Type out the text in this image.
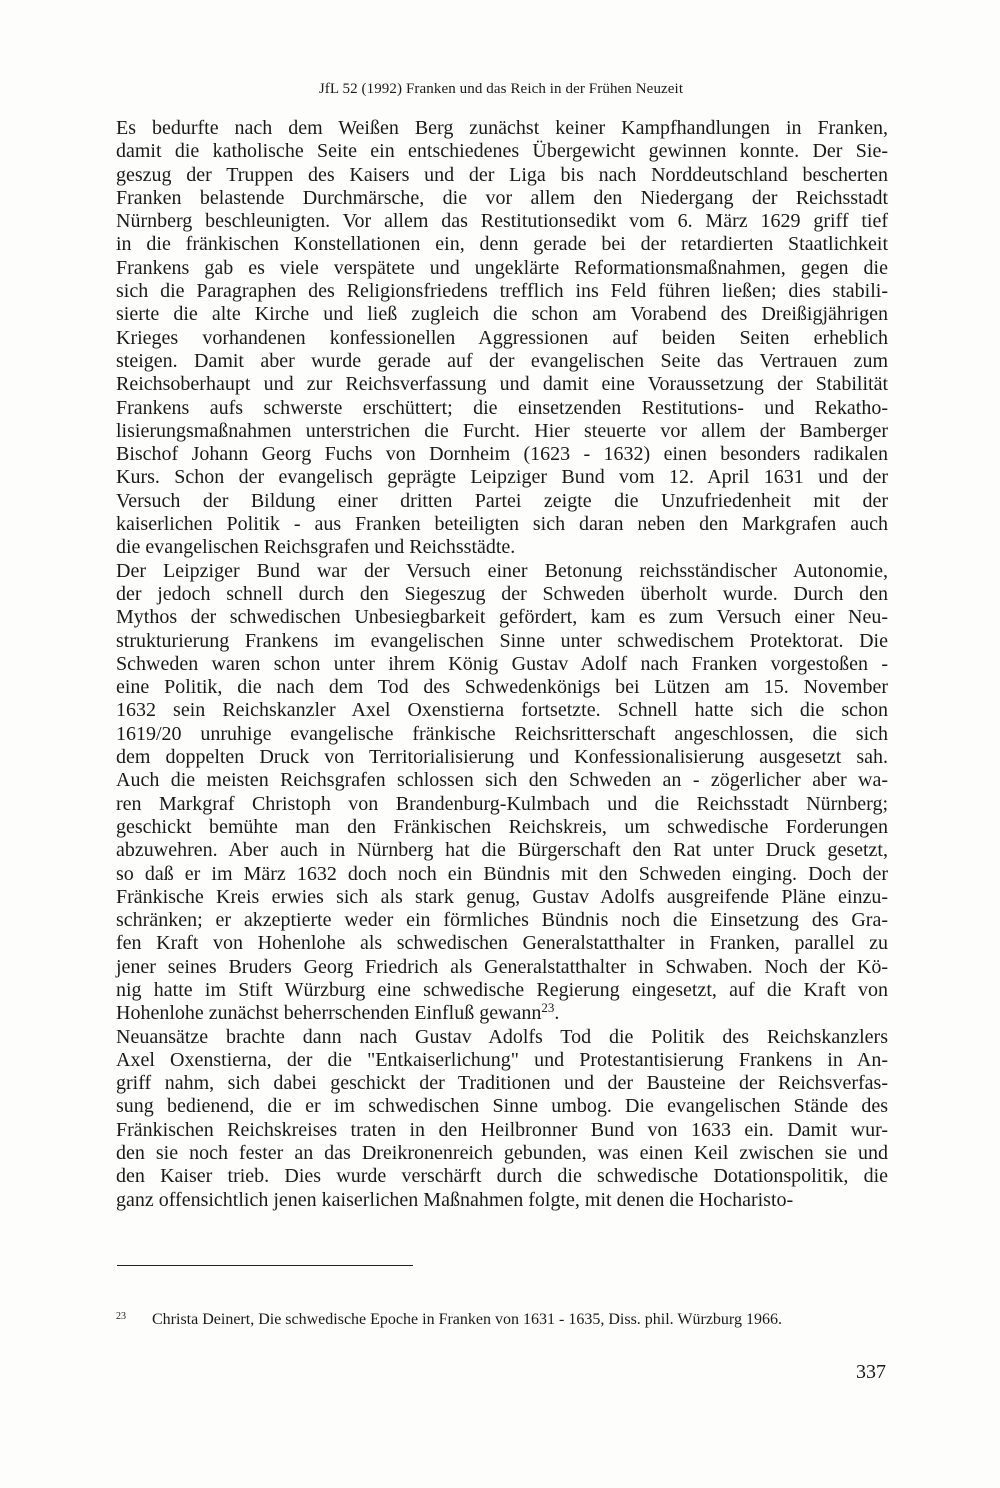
JfL 52 (1992) Franken und das Reich in der Frühen Neuzeit
Es bedurfte nach dem Weißen Berg zunächst keiner Kampfhandlungen in Franken,
damit die katholische Seite ein entschiedenes Übergewicht gewinnen konnte. Der Sie-
geszug der Truppen des Kaisers und der Liga bis nach Norddeutschland bescherten
Franken belastende Durchmärsche, die vor allem den Niedergang der Reichsstadt
Nürnberg beschleunigten. Vor allem das Restitutionsedikt vom 6. März 1629 griff tief
in die fränkischen Konstellationen ein, denn gerade bei der retardierten Staatlichkeit
Frankens gab es viele verspätete und ungeklärte Reformationsmaßnahmen, gegen die
sich die Paragraphen des Religionsfriedens trefflich ins Feld führen ließen; dies stabili-
sierte die alte Kirche und ließ zugleich die schon am Vorabend des Dreißigjährigen
Krieges vorhandenen konfessionellen Aggressionen auf beiden Seiten erheblich
steigen. Damit aber wurde gerade auf der evangelischen Seite das Vertrauen zum
Reichsoberhaupt und zur Reichsverfassung und damit eine Voraussetzung der Stabilität
Frankens aufs schwerste erschüttert; die einsetzenden Restitutions- und Rekatho-
lisierungsmaßnahmen unterstrichen die Furcht. Hier steuerte vor allem der Bamberger
Bischof Johann Georg Fuchs von Dornheim (1623 - 1632) einen besonders radikalen
Kurs. Schon der evangelisch geprägte Leipziger Bund vom 12. April 1631 und der
Versuch der Bildung einer dritten Partei zeigte die Unzufriedenheit mit der
kaiserlichen Politik - aus Franken beteiligten sich daran neben den Markgrafen auch
die evangelischen Reichsgrafen und Reichsstädte.
Der Leipziger Bund war der Versuch einer Betonung reichsständischer Autonomie,
der jedoch schnell durch den Siegeszug der Schweden überholt wurde. Durch den
Mythos der schwedischen Unbesiegbarkeit gefördert, kam es zum Versuch einer Neu-
strukturierung Frankens im evangelischen Sinne unter schwedischem Protektorat. Die
Schweden waren schon unter ihrem König Gustav Adolf nach Franken vorgestoßen -
eine Politik, die nach dem Tod des Schwedenkönigs bei Lützen am 15. November
1632 sein Reichskanzler Axel Oxenstierna fortsetzte. Schnell hatte sich die schon
1619/20 unruhige evangelische fränkische Reichsritterschaft angeschlossen, die sich
dem doppelten Druck von Territorialisierung und Konfessionalisierung ausgesetzt sah.
Auch die meisten Reichsgrafen schlossen sich den Schweden an - zögerlicher aber wa-
ren Markgraf Christoph von Brandenburg-Kulmbach und die Reichsstadt Nürnberg;
geschickt bemühte man den Fränkischen Reichskreis, um schwedische Forderungen
abzuwehren. Aber auch in Nürnberg hat die Bürgerschaft den Rat unter Druck gesetzt,
so daß er im März 1632 doch noch ein Bündnis mit den Schweden einging. Doch der
Fränkische Kreis erwies sich als stark genug, Gustav Adolfs ausgreifende Pläne einzu-
schränken; er akzeptierte weder ein förmliches Bündnis noch die Einsetzung des Gra-
fen Kraft von Hohenlohe als schwedischen Generalstatthalter in Franken, parallel zu
jener seines Bruders Georg Friedrich als Generalstatthalter in Schwaben. Noch der Kö-
nig hatte im Stift Würzburg eine schwedische Regierung eingesetzt, auf die Kraft von
Hohenlohe zunächst beherrschenden Einfluß gewann$^{23}$.
Neuansätze brachte dann nach Gustav Adolfs Tod die Politik des Reichskanzlers
Axel Oxenstierna, der die "Entkaiserlichung" und Protestantisierung Frankens in An-
griff nahm, sich dabei geschickt der Traditionen und der Bausteine der Reichsverfas-
sung bedienend, die er im schwedischen Sinne umbog. Die evangelischen Stände des
Fränkischen Reichskreises traten in den Heilbronner Bund von 1633 ein. Damit wur-
den sie noch fester an das Dreikronenreich gebunden, was einen Keil zwischen sie und
den Kaiser trieb. Dies wurde verschärft durch die schwedische Dotationspolitik, die
ganz offensichtlich jenen kaiserlichen Maßnahmen folgte, mit denen die Hocharisto-
23 Christa Deinert, Die schwedische Epoche in Franken von 1631 - 1635, Diss. phil. Würzburg 1966.
337
